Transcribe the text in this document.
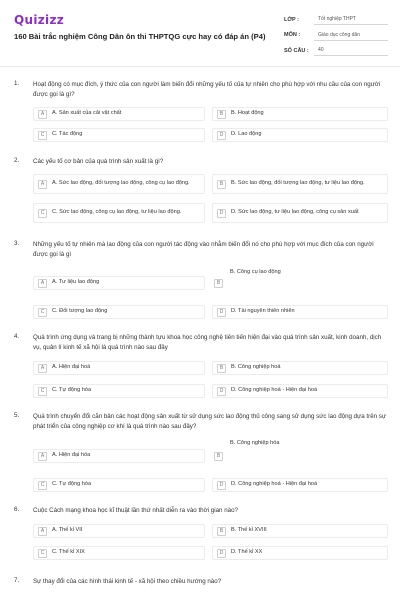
Quizizz
160 Bài trắc nghiệm Công Dân ôn thi THPTQG cực hay có đáp án (P4)
LỚP :	Tốt nghiệp THPT
MÔN :	Giáo dục công dân
SỐ CÂU :	40
1. Hoạt động có mục đích, ý thức của con người làm biến đổi những yếu tố của tự nhiên cho phù hợp với nhu cầu của con người được gọi là gì?
A	A. Sản xuất của cải vật chất	B	B. Hoạt động
C	C. Tác động	D	D. Lao động
2. Các yếu tố cơ bản của quá trình sản xuất là gì?
A	A. Sức lao động, đối tượng lao động, công cụ lao động.	B	B. Sức lao động, đối tượng lao động, tư liệu lao động.
C	C. Sức lao động, công cụ lao động, tư liệu lao động.	D	D. Sức lao động, tư liệu lao động, công cụ sản xuất
3. Những yếu tố tự nhiên mà lao động của con người tác động vào nhằm biến đổi nó cho phù hợp với mục đích của con người được gọi là gì
A	A. Tư liệu lao động
B. Công cụ lao động
B
C	C. Đối tượng lao động	D	D. Tài nguyên thiên nhiên
4. Quá trình ứng dụng và trang bị những thành tựu khoa học công nghệ tiên tiến hiện đại vào quá trình sản xuất, kinh doanh, dịch vụ, quản lí kinh tế xã hội là quá trình nào sau đây
A	A. Hiện đại hoá	B	B. Công nghiệp hoá
C	C. Tự động hóa	D	D. Công nghiệp hoá - Hiện đại hoá
5. Quá trình chuyển đổi căn bản các hoạt động sản xuất từ sử dụng sức lao động thủ công sang sử dụng sức lao động dựa trên sự phát triển của công nghiệp cơ khí là quá trình nào sau đây?
A	A. Hiện đại hóa
B. Công nghiệp hóa
B
C	C. Tự động hóa	D	D. Công nghiệp hoá - Hiện đại hoá
6. Cuộc Cách mạng khoa học kĩ thuật lần thứ nhất diễn ra vào thời gian nào?
A	A. Thế kỉ VII	B	B. Thế kỉ XVIII
C	C. Thế kỉ XIX	D	D. Thế kỉ XX
7. Sự thay đổi của các hình thái kinh tế - xã hội theo chiều hướng nào?
